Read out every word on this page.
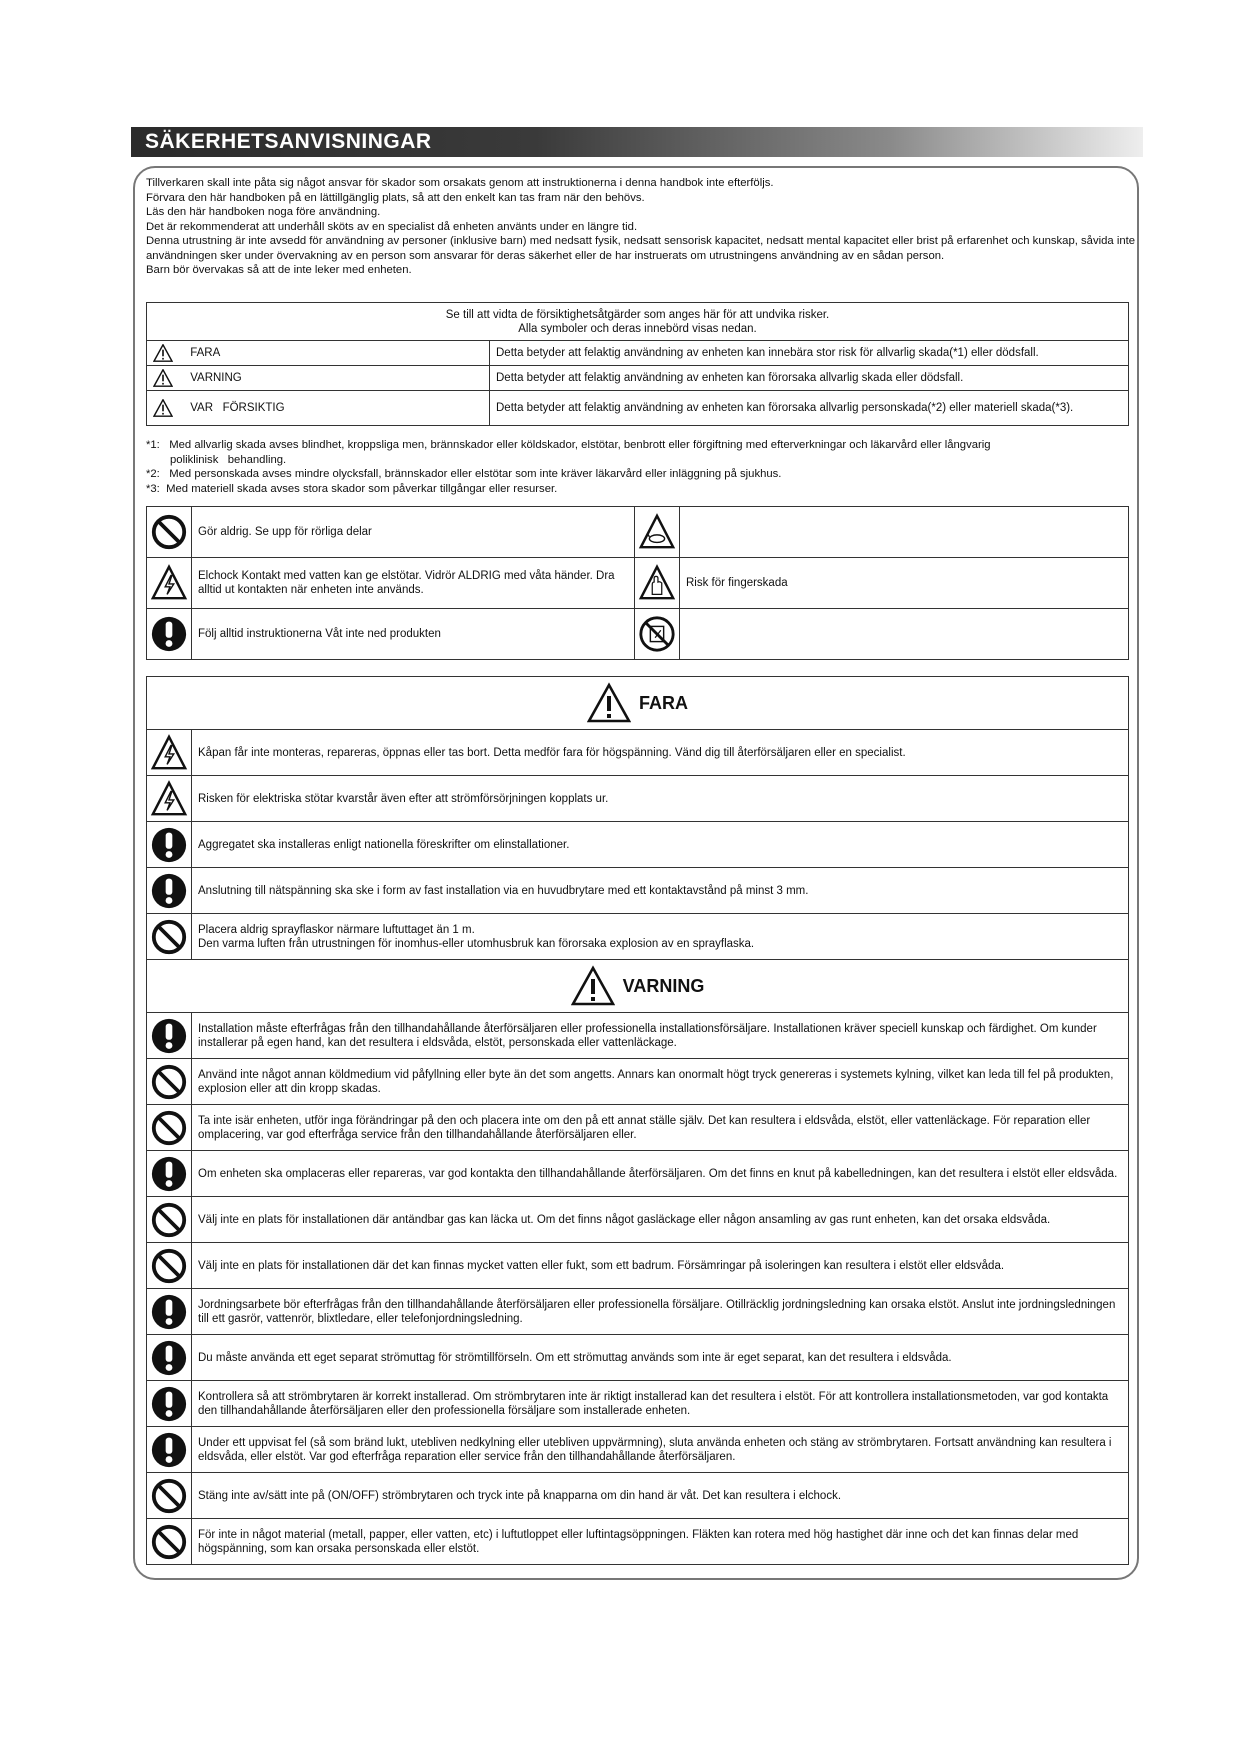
SÄKERHETSANVISNINGAR

Tillverkaren skall inte påta sig något ansvar för skador som orsakats genom att instruktionerna i denna handbok inte efterföljs.

Förvara den här handboken på en lättillgänglig plats, så att den enkelt kan tas fram när den behövs.

Läs den här handboken noga före användning.

Det är rekommenderat att underhåll sköts av en specialist då enheten använts under en längre tid.

Denna utrustning är inte avsedd för användning av personer (inklusive barn) med nedsatt fysik, nedsatt sensorisk kapacitet, nedsatt mental kapacitet eller brist på erfarenhet och kunskap, såvida inte användningen sker under övervakning av en person som ansvarar för deras säkerhet eller de har instruerats om utrustningens användning av en sådan person.

Barn bör övervakas så att de inte leker med enheten.

Se till att vidta de försiktighetsåtgärder som anges här för att undvika risker.
Alla symboler och deras innebörd visas nedan.	

FARA	Detta betyder att felaktig användning av enheten kan innebära stor risk för allvarlig skada(*1) eller dödsfall.
VARNING	Detta betyder att felaktig användning av enheten kan förorsaka allvarlig skada eller dödsfall.
VAR   FÖRSIKTIG	Detta betyder att felaktig användning av enheten kan förorsaka allvarlig personskada(*2) eller materiell skada(*3).

*1:   Med allvarlig skada avses blindhet, kroppsliga men, brännskador eller köldskador, elstötar, benbrott eller förgiftning med efterverkningar och läkarvård eller långvarig

poliklinisk   behandling.

*2:   Med personskada avses mindre olycksfall, brännskador eller elstötar som inte kräver läkarvård eller inläggning på sjukhus.

*3:  Med materiell skada avses stora skador som påverkar tillgångar eller resurser.

	Gör aldrig. Se upp för rörliga delar		
	Elchock Kontakt med vatten kan ge elstötar. Vidrör ALDRIG med våta händer. Dra alltid ut kontakten när enheten inte används.		Risk för fingerskada
	Följ alltid instruktionerna Våt inte ned produkten		
FARA	
	Kåpan får inte monteras, repareras, öppnas eller tas bort. Detta medför fara för högspänning. Vänd dig till återförsäljaren eller en specialist.
	Risken för elektriska stötar kvarstår även efter att strömförsörjningen kopplats ur.
	Aggregatet ska installeras enligt nationella föreskrifter om elinstallationer.
	Anslutning till nätspänning ska ske i form av fast installation via en huvudbrytare med ett kontaktavstånd på minst 3 mm.
	Placera aldrig sprayflaskor närmare luftuttaget än 1 m.
Den varma luften från utrustningen för inomhus-eller utomhusbruk kan förorsaka explosion av en sprayflaska.
VARNING	
	Installation måste efterfrågas från den tillhandahållande återförsäljaren eller professionella installationsförsäljare. Installationen kräver speciell kunskap och färdighet. Om kunder installerar på egen hand, kan det resultera i eldsvåda, elstöt, personskada eller vattenläckage.
	Använd inte något annan köldmedium vid påfyllning eller byte än det som angetts. Annars kan onormalt högt tryck genereras i systemets kylning, vilket kan leda till fel på produkten, explosion eller att din kropp skadas.
	Ta inte isär enheten, utför inga förändringar på den och placera inte om den på ett annat ställe själv. Det kan resultera i eldsvåda, elstöt, eller vattenläckage. För reparation eller omplacering, var god efterfråga service från den tillhandahållande återförsäljaren eller.
	Om enheten ska omplaceras eller repareras, var god kontakta den tillhandahållande återförsäljaren. Om det finns en knut på kabelledningen, kan det resultera i elstöt eller eldsvåda.
	Välj inte en plats för installationen där antändbar gas kan läcka ut. Om det finns något gasläckage eller någon ansamling av gas runt enheten, kan det orsaka eldsvåda.
	Välj inte en plats för installationen där det kan finnas mycket vatten eller fukt, som ett badrum. Försämringar på isoleringen kan resultera i elstöt eller eldsvåda.
	Jordningsarbete bör efterfrågas från den tillhandahållande återförsäljaren eller professionella försäljare. Otillräcklig jordningsledning kan orsaka elstöt. Anslut inte jordningsledningen till ett gasrör, vattenrör, blixtledare, eller telefonjordningsledning.
	Du måste använda ett eget separat strömuttag för strömtillförseln. Om ett strömuttag används som inte är eget separat, kan det resultera i eldsvåda.
	Kontrollera så att strömbrytaren är korrekt installerad. Om strömbrytaren inte är riktigt installerad kan det resultera i elstöt. För att kontrollera installationsmetoden, var god kontakta den tillhandahållande återförsäljaren eller den professionella försäljare som installerade enheten.
	Under ett uppvisat fel (så som bränd lukt, utebliven nedkylning eller utebliven uppvärmning), sluta använda enheten och stäng av strömbrytaren. Fortsatt användning kan resultera i eldsvåda, eller elstöt. Var god efterfråga reparation eller service från den tillhandahållande återförsäljaren.
	Stäng inte av/sätt inte på (ON/OFF) strömbrytaren och tryck inte på knapparna om din hand är våt. Det kan resultera i elchock.
	För inte in något material (metall, papper, eller vatten, etc) i luftutloppet eller luftintagsöppningen. Fläkten kan rotera med hög hastighet där inne och det kan finnas delar med högspänning, som kan orsaka personskada eller elstöt.
